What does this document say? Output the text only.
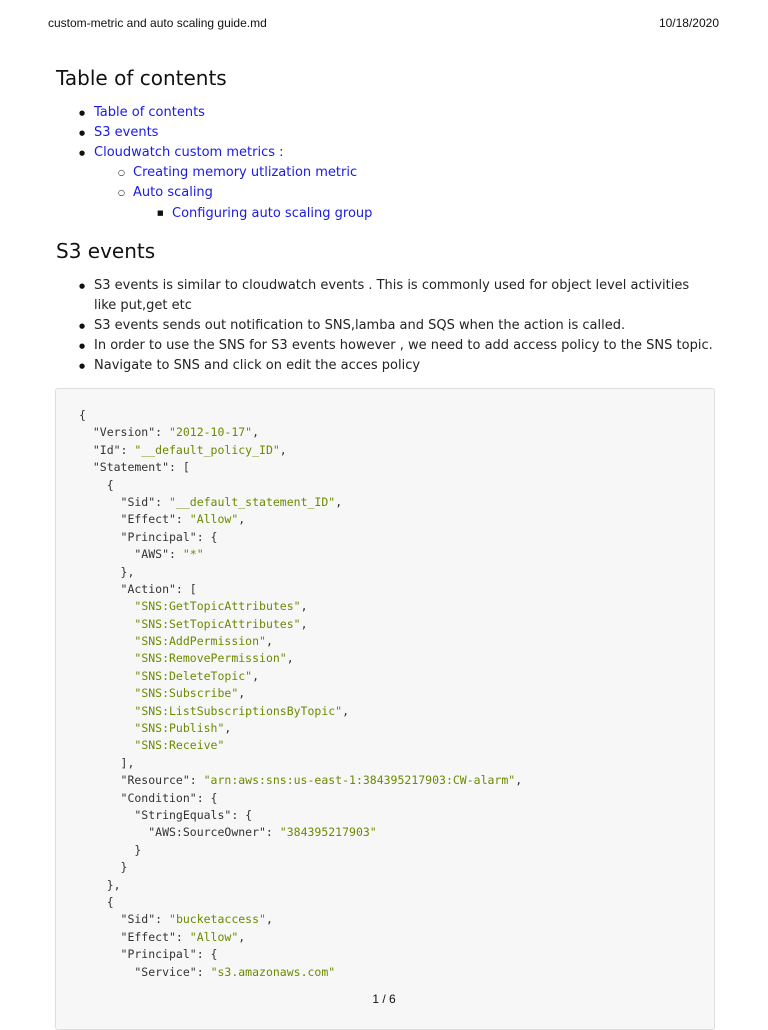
custom-metric and auto scaling guide.md	10/18/2020
Table of contents
● Table of contents
● S3 events
● Cloudwatch custom metrics :
○ Creating memory utlization metric
○ Auto scaling
■ Configuring auto scaling group
S3 events
● S3 events is similar to cloudwatch events . This is commonly used for object level activities like put,get etc
● S3 events sends out notification to SNS,lamba and SQS when the action is called.
● In order to use the SNS for S3 events however , we need to add access policy to the SNS topic.
● Navigate to SNS and click on edit the acces policy
{
"Version": "2012-10-17",
"Id": "__default_policy_ID",
"Statement": [
{
"Sid": "__default_statement_ID",
"Effect": "Allow",
"Principal": {
"AWS": "*"
},
"Action": [
"SNS:GetTopicAttributes",
"SNS:SetTopicAttributes",
"SNS:AddPermission",
"SNS:RemovePermission",
"SNS:DeleteTopic",
"SNS:Subscribe",
"SNS:ListSubscriptionsByTopic",
"SNS:Publish",
"SNS:Receive"
],
"Resource": "arn:aws:sns:us-east-1:384395217903:CW-alarm",
"Condition": {
"StringEquals": {
"AWS:SourceOwner": "384395217903"
}
}
},
{
"Sid": "bucketaccess",
"Effect": "Allow",
"Principal": {
"Service": "s3.amazonaws.com"
1 / 6
